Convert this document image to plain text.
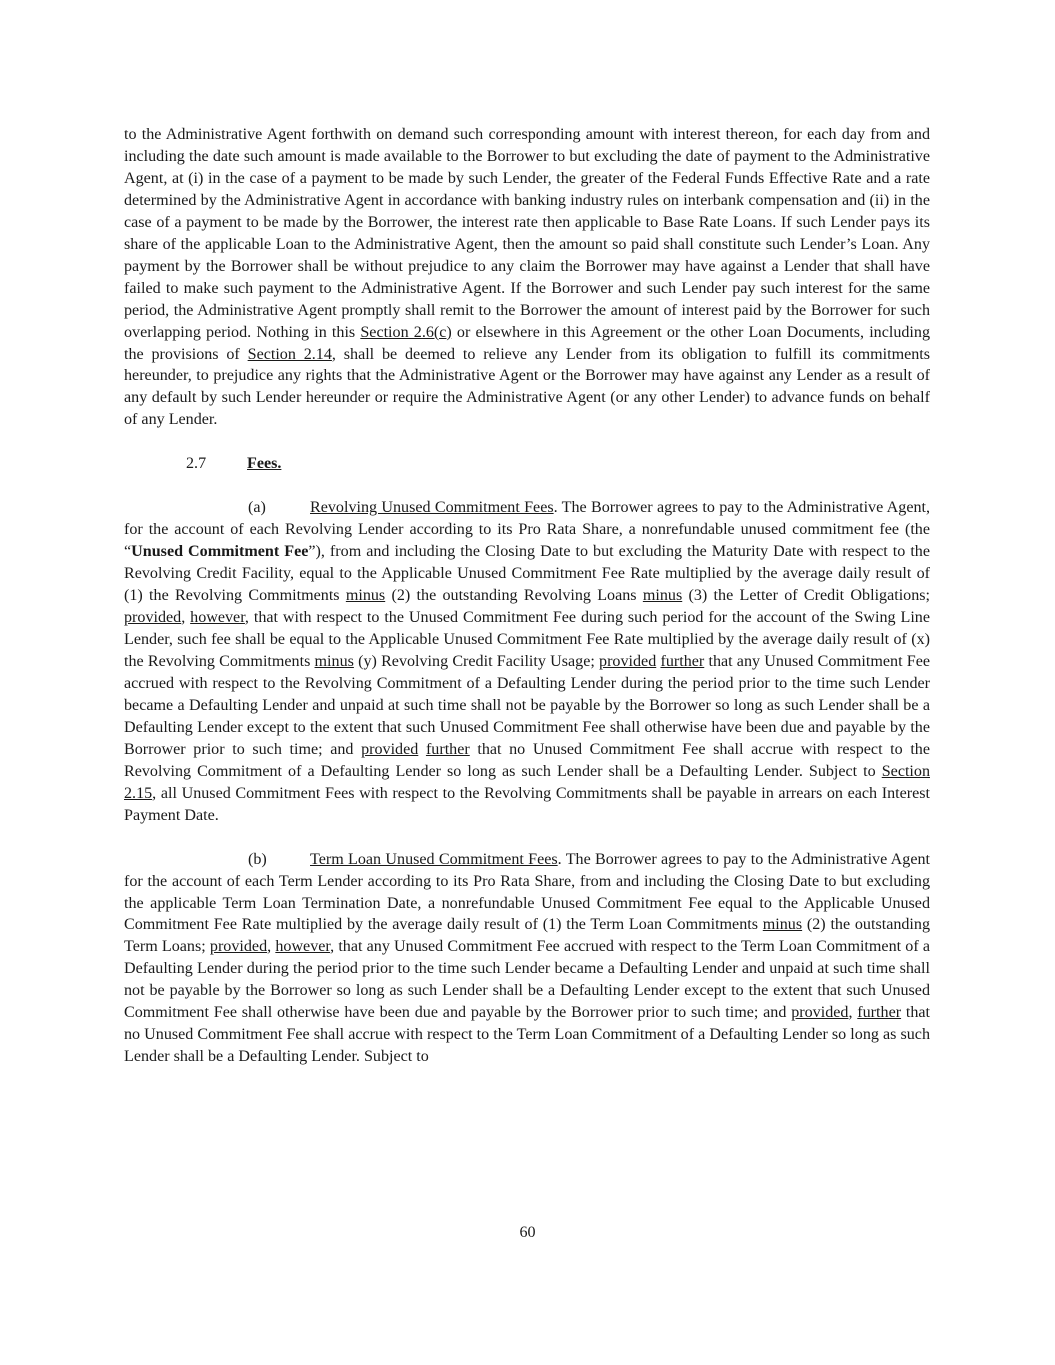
to the Administrative Agent forthwith on demand such corresponding amount with interest thereon, for each day from and including the date such amount is made available to the Borrower to but excluding the date of payment to the Administrative Agent, at (i) in the case of a payment to be made by such Lender, the greater of the Federal Funds Effective Rate and a rate determined by the Administrative Agent in accordance with banking industry rules on interbank compensation and (ii) in the case of a payment to be made by the Borrower, the interest rate then applicable to Base Rate Loans. If such Lender pays its share of the applicable Loan to the Administrative Agent, then the amount so paid shall constitute such Lender’s Loan. Any payment by the Borrower shall be without prejudice to any claim the Borrower may have against a Lender that shall have failed to make such payment to the Administrative Agent. If the Borrower and such Lender pay such interest for the same period, the Administrative Agent promptly shall remit to the Borrower the amount of interest paid by the Borrower for such overlapping period. Nothing in this Section 2.6(c) or elsewhere in this Agreement or the other Loan Documents, including the provisions of Section 2.14, shall be deemed to relieve any Lender from its obligation to fulfill its commitments hereunder, to prejudice any rights that the Administrative Agent or the Borrower may have against any Lender as a result of any default by such Lender hereunder or require the Administrative Agent (or any other Lender) to advance funds on behalf of any Lender.

2.7	Fees.

(a)	Revolving Unused Commitment Fees. The Borrower agrees to pay to the Administrative Agent, for the account of each Revolving Lender according to its Pro Rata Share, a nonrefundable unused commitment fee (the “Unused Commitment Fee”), from and including the Closing Date to but excluding the Maturity Date with respect to the Revolving Credit Facility, equal to the Applicable Unused Commitment Fee Rate multiplied by the average daily result of (1) the Revolving Commitments minus (2) the outstanding Revolving Loans minus (3) the Letter of Credit Obligations; provided, however, that with respect to the Unused Commitment Fee during such period for the account of the Swing Line Lender, such fee shall be equal to the Applicable Unused Commitment Fee Rate multiplied by the average daily result of (x) the Revolving Commitments minus (y) Revolving Credit Facility Usage; provided further that any Unused Commitment Fee accrued with respect to the Revolving Commitment of a Defaulting Lender during the period prior to the time such Lender became a Defaulting Lender and unpaid at such time shall not be payable by the Borrower so long as such Lender shall be a Defaulting Lender except to the extent that such Unused Commitment Fee shall otherwise have been due and payable by the Borrower prior to such time; and provided further that no Unused Commitment Fee shall accrue with respect to the Revolving Commitment of a Defaulting Lender so long as such Lender shall be a Defaulting Lender. Subject to Section 2.15, all Unused Commitment Fees with respect to the Revolving Commitments shall be payable in arrears on each Interest Payment Date.

(b)	Term Loan Unused Commitment Fees. The Borrower agrees to pay to the Administrative Agent for the account of each Term Lender according to its Pro Rata Share, from and including the Closing Date to but excluding the applicable Term Loan Termination Date, a nonrefundable Unused Commitment Fee equal to the Applicable Unused Commitment Fee Rate multiplied by the average daily result of (1) the Term Loan Commitments minus (2) the outstanding Term Loans; provided, however, that any Unused Commitment Fee accrued with respect to the Term Loan Commitment of a Defaulting Lender during the period prior to the time such Lender became a Defaulting Lender and unpaid at such time shall not be payable by the Borrower so long as such Lender shall be a Defaulting Lender except to the extent that such Unused Commitment Fee shall otherwise have been due and payable by the Borrower prior to such time; and provided, further that no Unused Commitment Fee shall accrue with respect to the Term Loan Commitment of a Defaulting Lender so long as such Lender shall be a Defaulting Lender. Subject to

60
